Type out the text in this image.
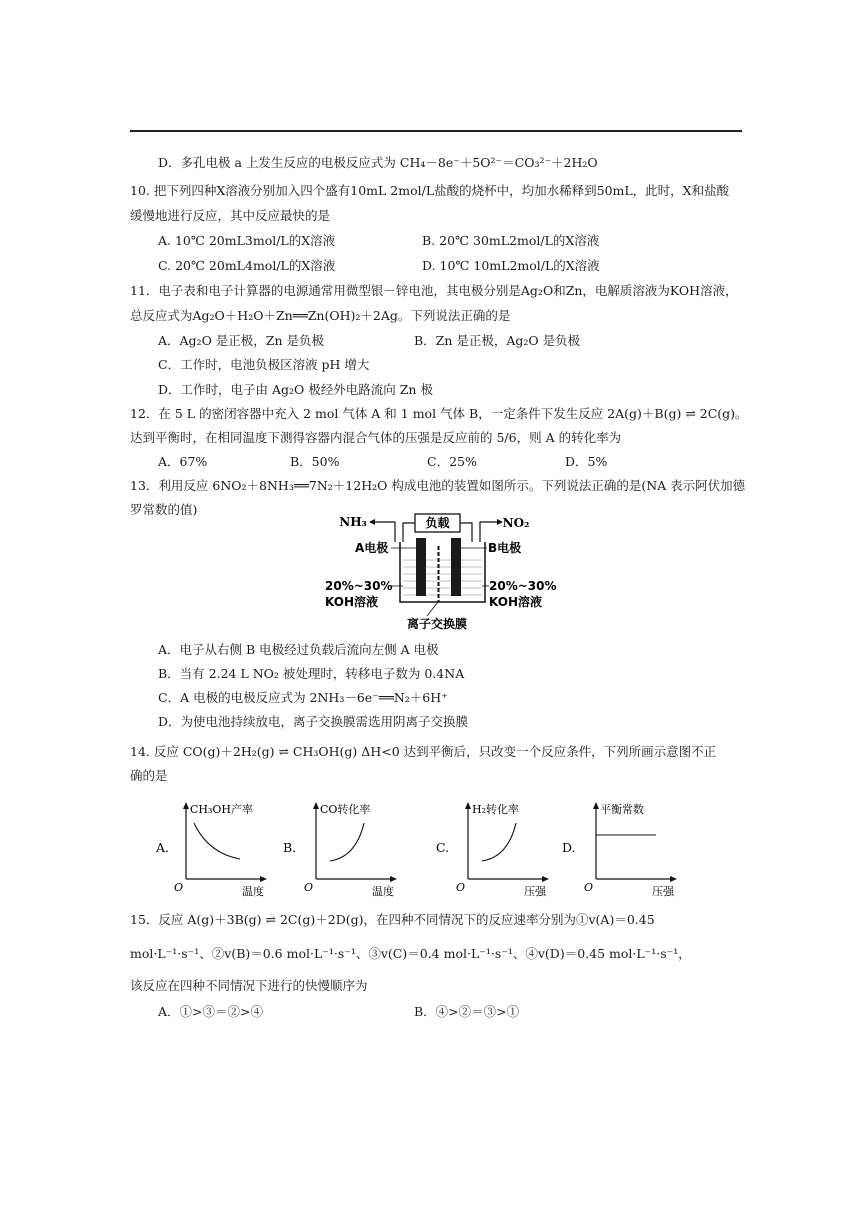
D．多孔电极 a 上发生反应的电极反应式为 CH₄－8e⁻＋5O²⁻＝CO₃²⁻＋2H₂O
10. 把下列四种X溶液分别加入四个盛有10mL 2mol/L盐酸的烧杯中，均加水稀释到50mL，此时，X和盐酸
缓慢地进行反应，其中反应最快的是
A. 10℃ 20mL3mol/L的X溶液	B. 20℃ 30mL2mol/L的X溶液
C. 20℃ 20mL4mol/L的X溶液	D. 10℃ 10mL2mol/L的X溶液
11．电子表和电子计算器的电源通常用微型银－锌电池，其电极分别是Ag₂O和Zn，电解质溶液为KOH溶液，
总反应式为Ag₂O＋H₂O＋Zn══Zn(OH)₂＋2Ag。下列说法正确的是
A．Ag₂O 是正极，Zn 是负极	B．Zn 是正极，Ag₂O 是负极
C．工作时，电池负极区溶液 pH 增大
D．工作时，电子由 Ag₂O 极经外电路流向 Zn 极
12．在 5 L 的密闭容器中充入 2 mol 气体 A 和 1 mol 气体 B，一定条件下发生反应 2A(g)＋B(g) ⇌ 2C(g)。
达到平衡时，在相同温度下测得容器内混合气体的压强是反应前的 5/6，则 A 的转化率为
A．67%	B．50%	C．25%	D．5%
13．利用反应 6NO₂＋8NH₃══7N₂＋12H₂O 构成电池的装置如图所示。下列说法正确的是(NA 表示阿伏加德
罗常数的值)
负载
NH₃	NO₂
A电极	B电极
20%~30%
KOH溶液
20%~30%
KOH溶液
离子交换膜
A．电子从右侧 B 电极经过负载后流向左侧 A 电极
B．当有 2.24 L NO₂ 被处理时，转移电子数为 0.4NA
C．A 电极的电极反应式为 2NH₃－6e⁻══N₂＋6H⁺
D．为使电池持续放电，离子交换膜需选用阴离子交换膜
14. 反应 CO(g)＋2H₂(g) ⇌ CH₃OH(g) ΔH<0 达到平衡后，只改变一个反应条件，下列所画示意图不正
确的是
A.
CH₃OH产率
O	温度
B.
CO转化率
O	温度
C.
H₂转化率
O	压强
D.
平衡常数
O	压强
15．反应 A(g)＋3B(g) ⇌ 2C(g)＋2D(g)，在四种不同情况下的反应速率分别为①v(A)＝0.45
mol·L⁻¹·s⁻¹、②v(B)＝0.6 mol·L⁻¹·s⁻¹、③v(C)＝0.4 mol·L⁻¹·s⁻¹、④v(D)＝0.45 mol·L⁻¹·s⁻¹，
该反应在四种不同情况下进行的快慢顺序为
A．①>③＝②>④	B．④>②＝③>①
